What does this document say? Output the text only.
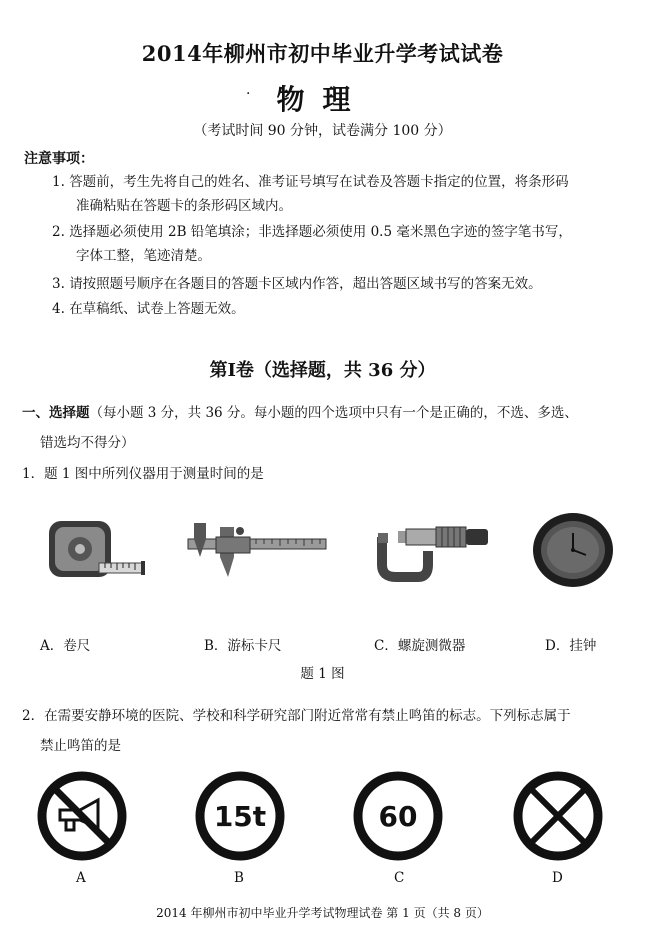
2014年柳州市初中毕业升学考试试卷
· 物理
（考试时间 90 分钟，试卷满分 100 分）
注意事项：
1. 答题前，考生先将自己的姓名、准考证号填写在试卷及答题卡指定的位置，将条形码
准确粘贴在答题卡的条形码区域内。
2. 选择题必须使用 2B 铅笔填涂；非选择题必须使用 0.5 毫米黑色字迹的签字笔书写，
字体工整，笔迹清楚。
3. 请按照题号顺序在各题目的答题卡区域内作答，超出答题区域书写的答案无效。
4. 在草稿纸、试卷上答题无效。
第Ⅰ卷（选择题，共 36 分）
一、选择题（每小题 3 分，共 36 分。每小题的四个选项中只有一个是正确的，不选、多选、
错选均不得分）
1．题 1 图中所列仪器用于测量时间的是
A．卷尺	B．游标卡尺	C．螺旋测微器	D．挂钟
题 1 图
2．在需要安静环境的医院、学校和科学研究部门附近常常有禁止鸣笛的标志。下列标志属于
禁止鸣笛的是
15t	60
A	B	C	D
2014 年柳州市初中毕业升学考试物理试卷 第 1 页（共 8 页）
